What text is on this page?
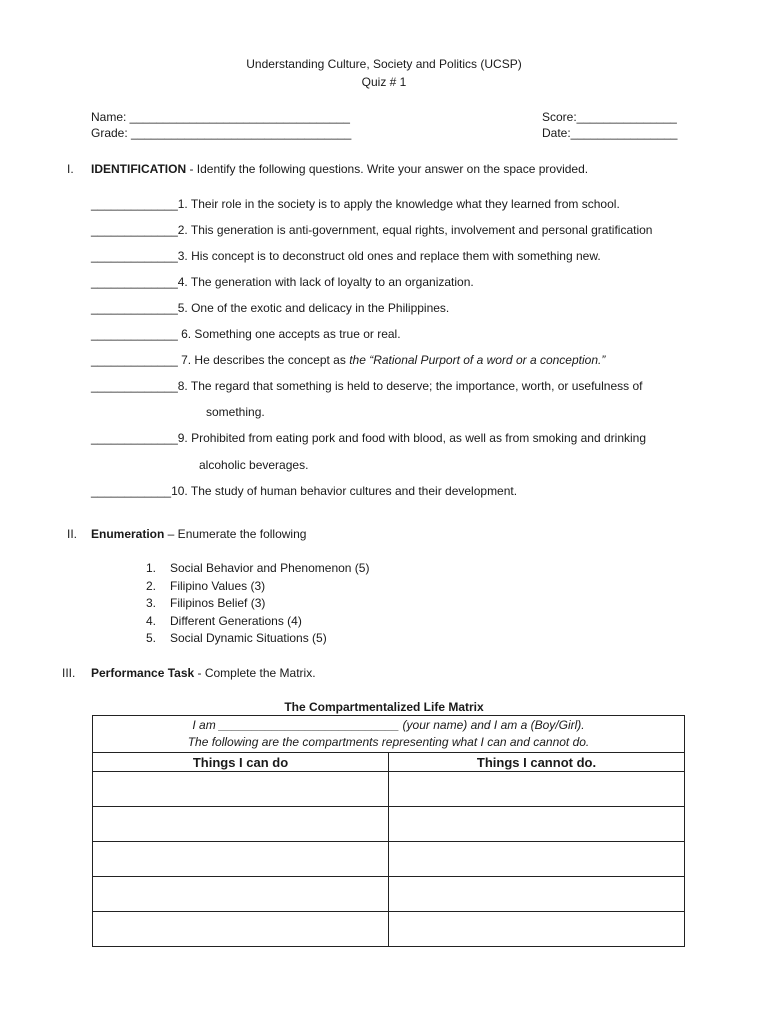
Understanding Culture, Society and Politics (UCSP)
Quiz # 1
Name: _________________________________
Grade: _________________________________
Score:_______________
Date:________________
I. IDENTIFICATION - Identify the following questions. Write your answer on the space provided.
_____________1. Their role in the society is to apply the knowledge what they learned from school.
_____________2. This generation is anti-government, equal rights, involvement and personal gratification
_____________3. His concept is to deconstruct old ones and replace them with something new.
_____________4. The generation with lack of loyalty to an organization.
_____________5. One of the exotic and delicacy in the Philippines.
_____________ 6. Something one accepts as true or real.
_____________ 7. He describes the concept as the “Rational Purport of a word or a conception.”
_____________8. The regard that something is held to deserve; the importance, worth, or usefulness of
something.
_____________9. Prohibited from eating pork and food with blood, as well as from smoking and drinking
alcoholic beverages.
____________10. The study of human behavior cultures and their development.
II. Enumeration – Enumerate the following
1. Social Behavior and Phenomenon (5)
2. Filipino Values (3)
3. Filipinos Belief (3)
4. Different Generations (4)
5. Social Dynamic Situations (5)
III. Performance Task - Complete the Matrix.
The Compartmentalized Life Matrix
I am ___________________________ (your name) and I am a (Boy/Girl).
The following are the compartments representing what I can and cannot do.	

Things I can do	Things I cannot do.
